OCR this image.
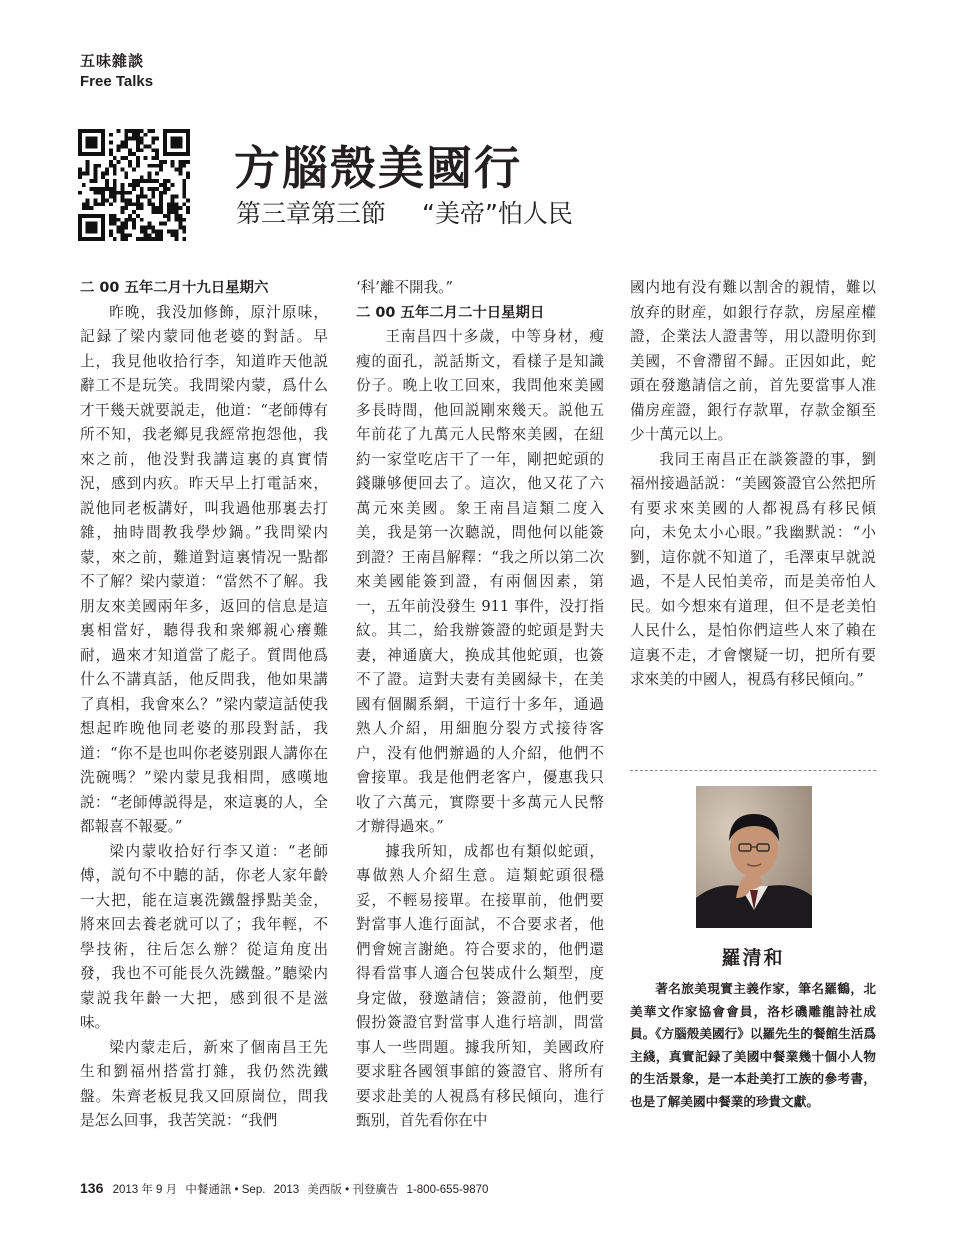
五味雜談
Free Talks
方腦殼美國行
第三章第三節 “美帝”怕人民
二 00 五年二月十九日星期六

昨晚，我没加修飾，原汁原味，記録了梁内蒙同他老婆的對話。早上，我見他收拾行李，知道昨天他説辭工不是玩笑。我問梁内蒙，爲什么才干幾天就要説走，他道：“老師傅有所不知，我老鄉見我經常抱怨他，我來之前，他没對我講這裏的真實情況，感到内疚。昨天早上打電話來，説他同老板講好，叫我過他那裏去打雜，抽時間教我學炒鍋。”我問梁内蒙，來之前，難道對這裏情况一點都不了解？梁内蒙道：“當然不了解。我朋友來美國兩年多，返回的信息是這裏相當好，聽得我和衆鄉親心癢難耐，過來才知道當了彪子。質問他爲什么不講真話，他反問我，他如果講了真相，我會來么？”梁内蒙這話使我想起昨晚他同老婆的那段對話，我道：“你不是也叫你老婆别跟人講你在洗碗嗎？”梁内蒙見我相問，感嘆地説：“老師傅説得是，來這裏的人，全都報喜不報憂。”

梁内蒙收拾好行李又道：“老師傅，説句不中聽的話，你老人家年齡一大把，能在這裏洗鐵盤掙點美金，將來回去養老就可以了；我年輕，不學技術，往后怎么辦？從這角度出發，我也不可能長久洗鐵盤。”聽梁内蒙説我年齡一大把，感到很不是滋味。

梁内蒙走后，新來了個南昌王先生和劉福州搭當打雜，我仍然洗鐵盤。朱齊老板見我又回原崗位，問我是怎么回事，我苦笑説：“我們

‘科’離不開我。”

二 00 五年二月二十日星期日

王南昌四十多歲，中等身材，瘦瘦的面孔，説話斯文，看樣子是知識份子。晚上收工回來，我問他來美國多長時間，他回説剛來幾天。説他五年前花了九萬元人民幣來美國，在紐約一家堂吃店干了一年，剛把蛇頭的錢賺够便回去了。這次，他又花了六萬元來美國。象王南昌這類二度入美，我是第一次聽説，問他何以能簽到證？王南昌解釋：“我之所以第二次來美國能簽到證，有兩個因素，第一，五年前没發生 911 事件，没打指紋。其二，給我辦簽證的蛇頭是對夫妻，神通廣大，换成其他蛇頭，也簽不了證。這對夫妻有美國緑卡，在美國有個關系網，干這行十多年，通過熟人介紹，用細胞分裂方式接待客户，没有他們辦過的人介紹，他們不會接單。我是他們老客户，優惠我只收了六萬元，實際要十多萬元人民幣才辦得過來。”

據我所知，成都也有類似蛇頭，專做熟人介紹生意。這類蛇頭很穩妥，不輕易接單。在接單前，他們要對當事人進行面試，不合要求者，他們會婉言謝絶。符合要求的，他們還得看當事人適合包裝成什么類型，度身定做，發邀請信；簽證前，他們要假扮簽證官對當事人進行培訓，問當事人一些問題。據我所知，美國政府要求駐各國領事館的簽證官、將所有要求赴美的人視爲有移民傾向，進行甄别，首先看你在中

國内地有没有難以割舍的親情，難以放弃的財産，如銀行存款，房屋産權證，企業法人證書等，用以證明你到美國，不會滯留不歸。正因如此，蛇頭在發邀請信之前，首先要當事人准備房産證，銀行存款單，存款金額至少十萬元以上。

我同王南昌正在談簽證的事，劉福州接過話説：“美國簽證官公然把所有要求來美國的人都視爲有移民傾向，未免太小心眼。”我幽默説：“小劉，這你就不知道了，毛澤東早就説過，不是人民怕美帝，而是美帝怕人民。如今想來有道理，但不是老美怕人民什么，是怕你們這些人來了賴在這裏不走，才會懷疑一切，把所有要求來美的中國人，視爲有移民傾向。”

羅清和

著名旅美現實主義作家，筆名羅鶴，北美華文作家協會會員，洛杉磯雕龍詩社成員。《方腦殼美國行》以羅先生的餐館生活爲主綫，真實記録了美國中餐業幾十個小人物的生活景象，是一本赴美打工族的參考書，也是了解美國中餐業的珍貴文獻。

136 2013 年 9 月 中餐通訊 • Sep. 2013 美西版 • 刊登廣告 1-800-655-9870
